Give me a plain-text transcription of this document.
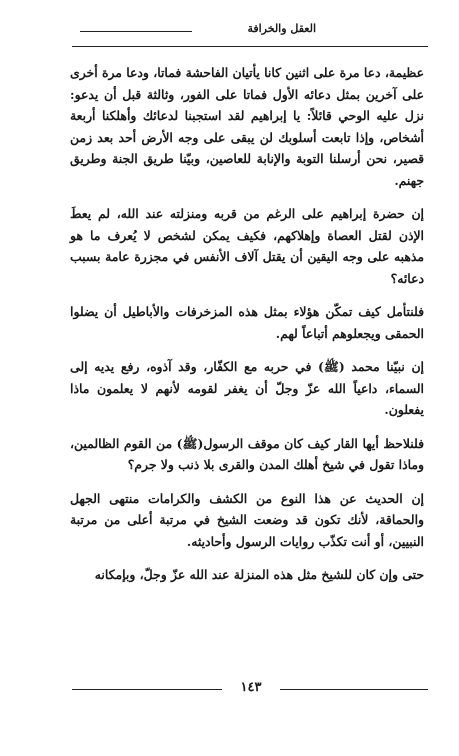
العقل والخرافة

عظيمة، دعا مرة على اثنين كانا يأتيان الفاحشة فماتا، ودعا مرة أخرى على آخرين بمثل دعائه الأول فماتا على الفور، وثالثة قبل أن يدعو: نزل عليه الوحي قائلاً: يا إبراهيم لقد استجبنا لدعائك وأهلكنا أربعة أشخاص، وإذا تابعت أسلوبك لن يبقى على وجه الأرض أحد بعد زمن قصير، نحن أرسلنا التوبة والإنابة للعاصين، وبيّنا طريق الجنة وطريق جهنم.

إن حضرة إبراهيم على الرغم من قربه ومنزلته عند الله، لم يعطَ الإذن لقتل العصاة وإهلاكهم، فكيف يمكن لشخص لا يُعرف ما هو مذهبه على وجه اليقين أن يقتل آلاف الأنفس في مجزرة عامة بسبب دعائه؟

فلنتأمل كيف تمكّن هؤلاء بمثل هذه المزخرفات والأباطيل أن يضلوا الحمقى ويجعلوهم أتباعاً لهم.

إن نبيّنا محمد (ﷺ) في حربه مع الكفّار، وقد آذوه، رفع يديه إلى السماء، داعياً الله عزّ وجلّ أن يغفر لقومه لأنهم لا يعلمون ماذا يفعلون.

فلنلاحظ أيها القار كيف كان موقف الرسول(ﷺ) من القوم الظالمين، وماذا تقول في شيخ أهلك المدن والقرى بلا ذنب ولا جرم؟

إن الحديث عن هذا النوع من الكشف والكرامات منتهى الجهل والحماقة، لأنك تكون قد وضعت الشيخ في مرتبة أعلى من مرتبة النبيين، أو أنت تكذّب روايات الرسول وأحاديثه.

حتى وإن كان للشيخ مثل هذه المنزلة عند الله عزّ وجلّ، وبإمكانه

١٤٣
